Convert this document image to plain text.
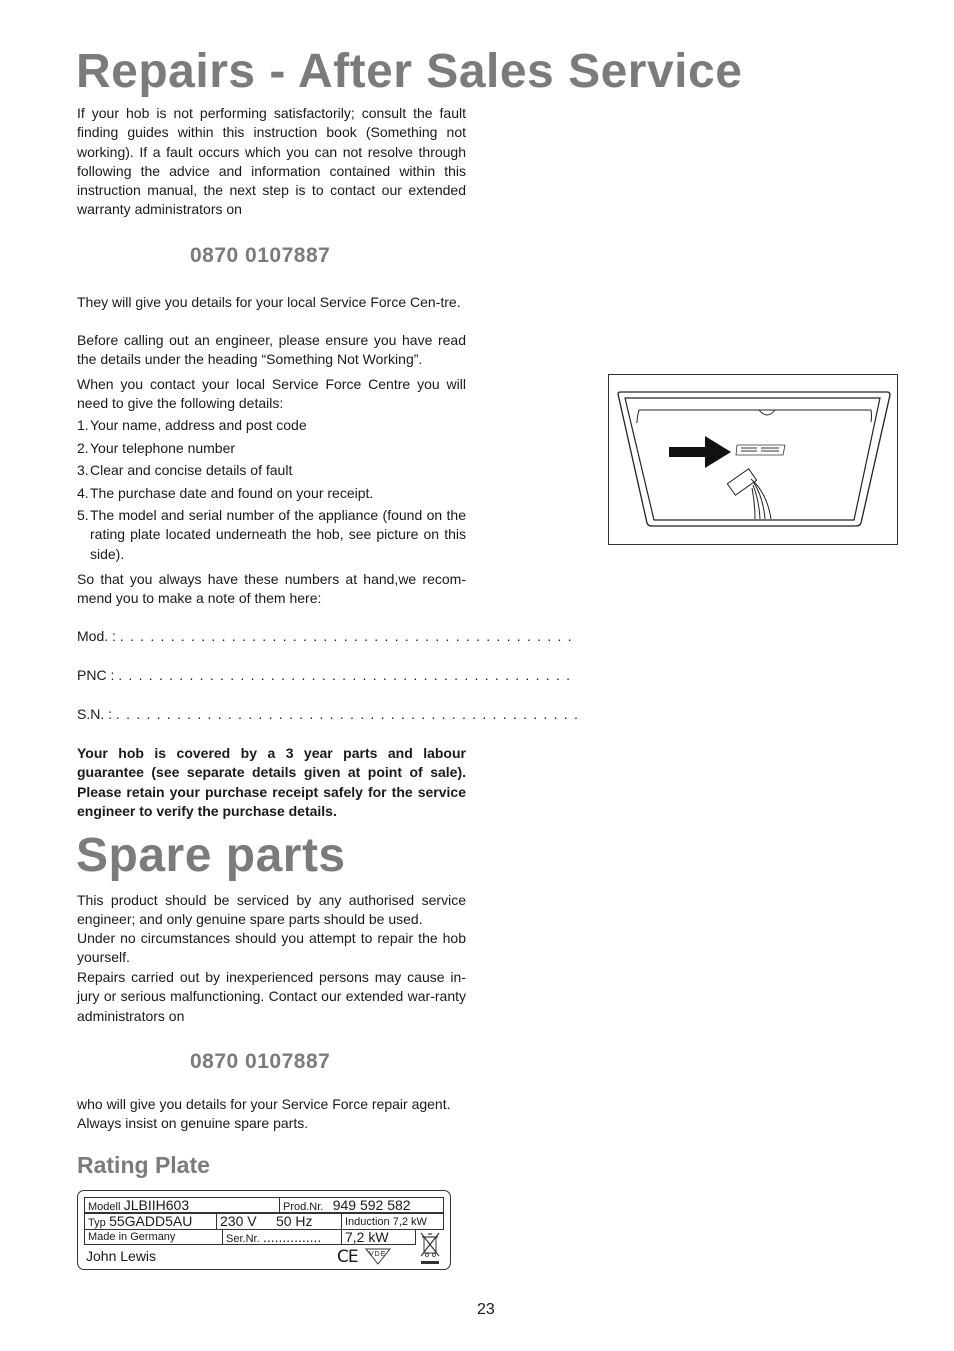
Repairs - After Sales Service

If your hob is not performing satisfactorily; consult the fault finding guides within this instruction book (Something not working). If a fault occurs which you can not resolve through following the advice and information contained within this instruction manual, the next step is to contact our extended warranty administrators on

0870 0107887

They will give you details for your local Service Force Cen-tre.

Before calling out an engineer, please ensure you have read the details under the heading “Something Not Working”.

When you contact your local Service Force Centre you will need to give the following details:

1. Your name, address and post code
2. Your telephone number
3. Clear and concise details of fault
4. The purchase date and found on your receipt.
5. The model and serial number of the appliance (found on the rating plate located underneath the hob, see picture on this side).

So that you always have these numbers at hand,we recom-mend you to make a note of them here:

Mod. : . . . . . . . . . . . . . . . . . . . . . . . . . . . . . . . . . . . . . . . . . . . . .
PNC : . . . . . . . . . . . . . . . . . . . . . . . . . . . . . . . . . . . . . . . . . . . . .
S.N. : . . . . . . . . . . . . . . . . . . . . . . . . . . . . . . . . . . . . . . . . . . . . . .

Your hob is covered by a 3 year parts and labour guarantee (see separate details given at point of sale). Please retain your purchase receipt safely for the service engineer to verify the purchase details.

Spare parts

This product should be serviced by any authorised service engineer; and only genuine spare parts should be used.

Under no circumstances should you attempt to repair the hob yourself.

Repairs carried out by inexperienced persons may cause in-jury or serious malfunctioning. Contact our extended war-ranty administrators on

0870 0107887

who will give you details for your Service Force repair agent.

Always insist on genuine spare parts.

Rating Plate
Modell JLBIIH603	Prod.Nr. 949 592 582
Typ 55GADD5AU	230 V 50 Hz	Induction 7,2 kW
Made in Germany	Ser.Nr. ...............	7,2 kW
John Lewis	CE VDE
23
